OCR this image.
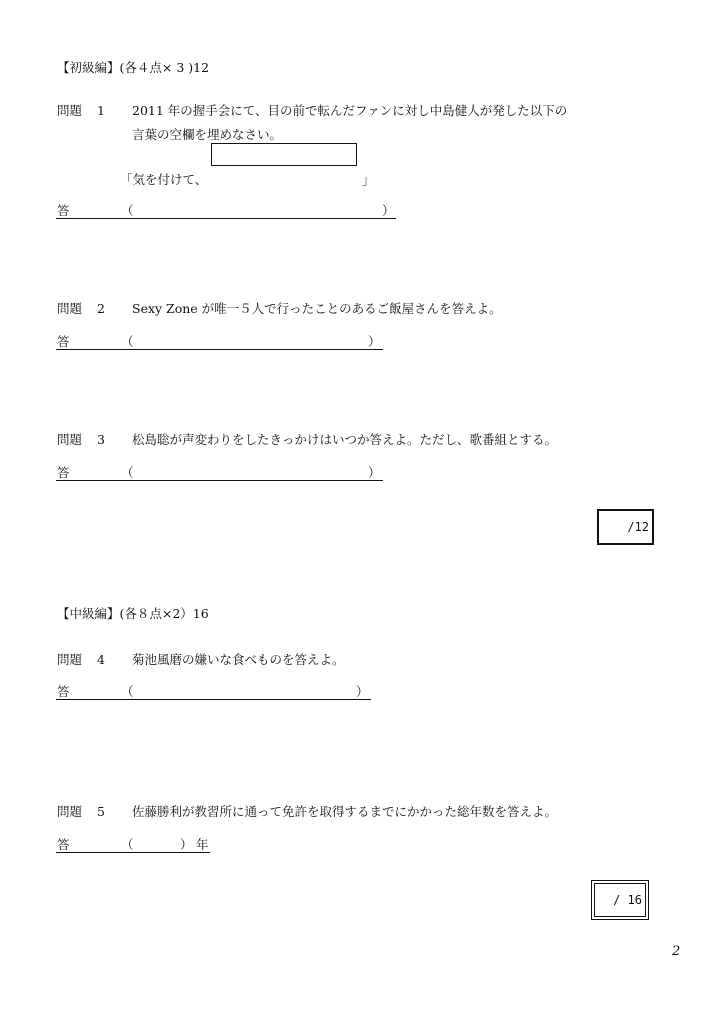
【初級編】(各４点× 3 )12
問題 1 2011 年の握手会にて、目の前で転んだファンに対し中島健人が発した以下の
言葉の空欄を埋めなさい。
「気を付けて、	」
答	（	）
問題 2 Sexy Zone が唯一５人で行ったことのあるご飯屋さんを答えよ。
答	（	）
問題 3 松島聡が声変わりをしたきっかけはいつか答えよ。ただし、歌番組とする。
答	（	）
/12
【中級編】(各８点×2）16
問題 4 菊池風磨の嫌いな食べものを答えよ。
答	（	）
問題 5 佐藤勝利が教習所に通って免許を取得するまでにかかった総年数を答えよ。
答	（	） 年
/ 16
2
